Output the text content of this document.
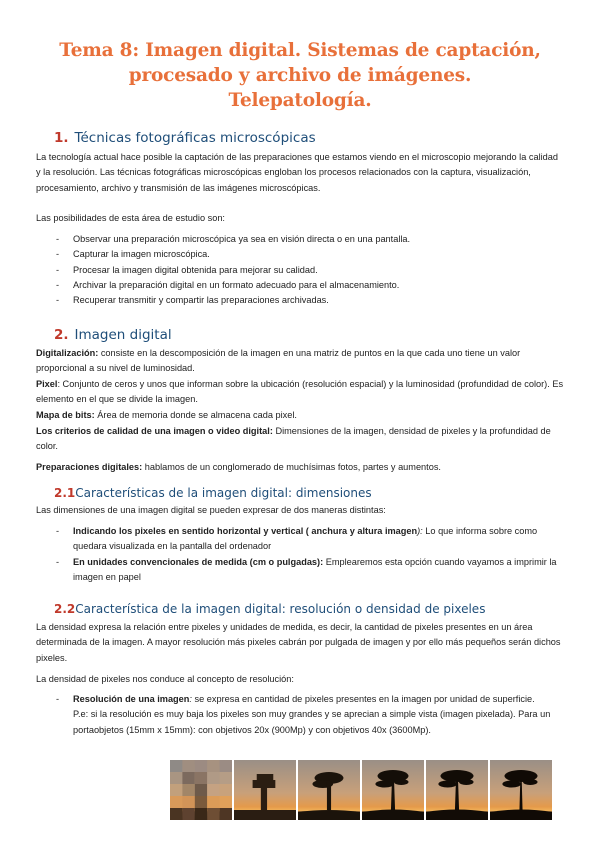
Tema 8: Imagen digital. Sistemas de captación,
procesado y archivo de imágenes.
Telepatología.
1. Técnicas fotográficas microscópicas
La tecnología actual hace posible la captación de las preparaciones que estamos viendo en el microscopio mejorando la calidad y la resolución. Las técnicas fotográficas microscópicas engloban los procesos relacionados con la captura, visualización, procesamiento, archivo y transmisión de las imágenes microscópicas.
Las posibilidades de esta área de estudio son:
- Observar una preparación microscópica ya sea en visión directa o en una pantalla.
- Capturar la imagen microscópica.
- Procesar la imagen digital obtenida para mejorar su calidad.
- Archivar la preparación digital en un formato adecuado para el almacenamiento.
- Recuperar transmitir y compartir las preparaciones archivadas.
2. Imagen digital
Digitalización: consiste en la descomposición de la imagen en una matriz de puntos en la que cada uno tiene un valor proporcional a su nivel de luminosidad.
Pixel: Conjunto de ceros y unos que informan sobre la ubicación (resolución espacial) y la luminosidad (profundidad de color). Es elemento en el que se divide la imagen.
Mapa de bits: Área de memoria donde se almacena cada pixel.
Los criterios de calidad de una imagen o video digital: Dimensiones de la imagen, densidad de pixeles y la profundidad de color.
Preparaciones digitales: hablamos de un conglomerado de muchísimas fotos, partes y aumentos.
2.1Características de la imagen digital: dimensiones
Las dimensiones de una imagen digital se pueden expresar de dos maneras distintas:
- Indicando los pixeles en sentido horizontal y vertical ( anchura y altura imagen): Lo que informa sobre como quedara visualizada en la pantalla del ordenador
- En unidades convencionales de medida (cm o pulgadas): Emplearemos esta opción cuando vayamos a imprimir la imagen en papel
2.2Característica de la imagen digital: resolución o densidad de pixeles
La densidad expresa la relación entre pixeles y unidades de medida, es decir, la cantidad de pixeles presentes en un área determinada de la imagen. A mayor resolución más pixeles cabrán por pulgada de imagen y por ello más pequeños serán dichos pixeles.
La densidad de pixeles nos conduce al concepto de resolución:
- Resolución de una imagen: se expresa en cantidad de pixeles presentes en la imagen por unidad de superficie.
P.e: si la resolución es muy baja los pixeles son muy grandes y se aprecian a simple vista (imagen pixelada). Para un portaobjetos (15mm x 15mm): con objetivos 20x (900Mp) y con objetivos 40x (3600Mp).
